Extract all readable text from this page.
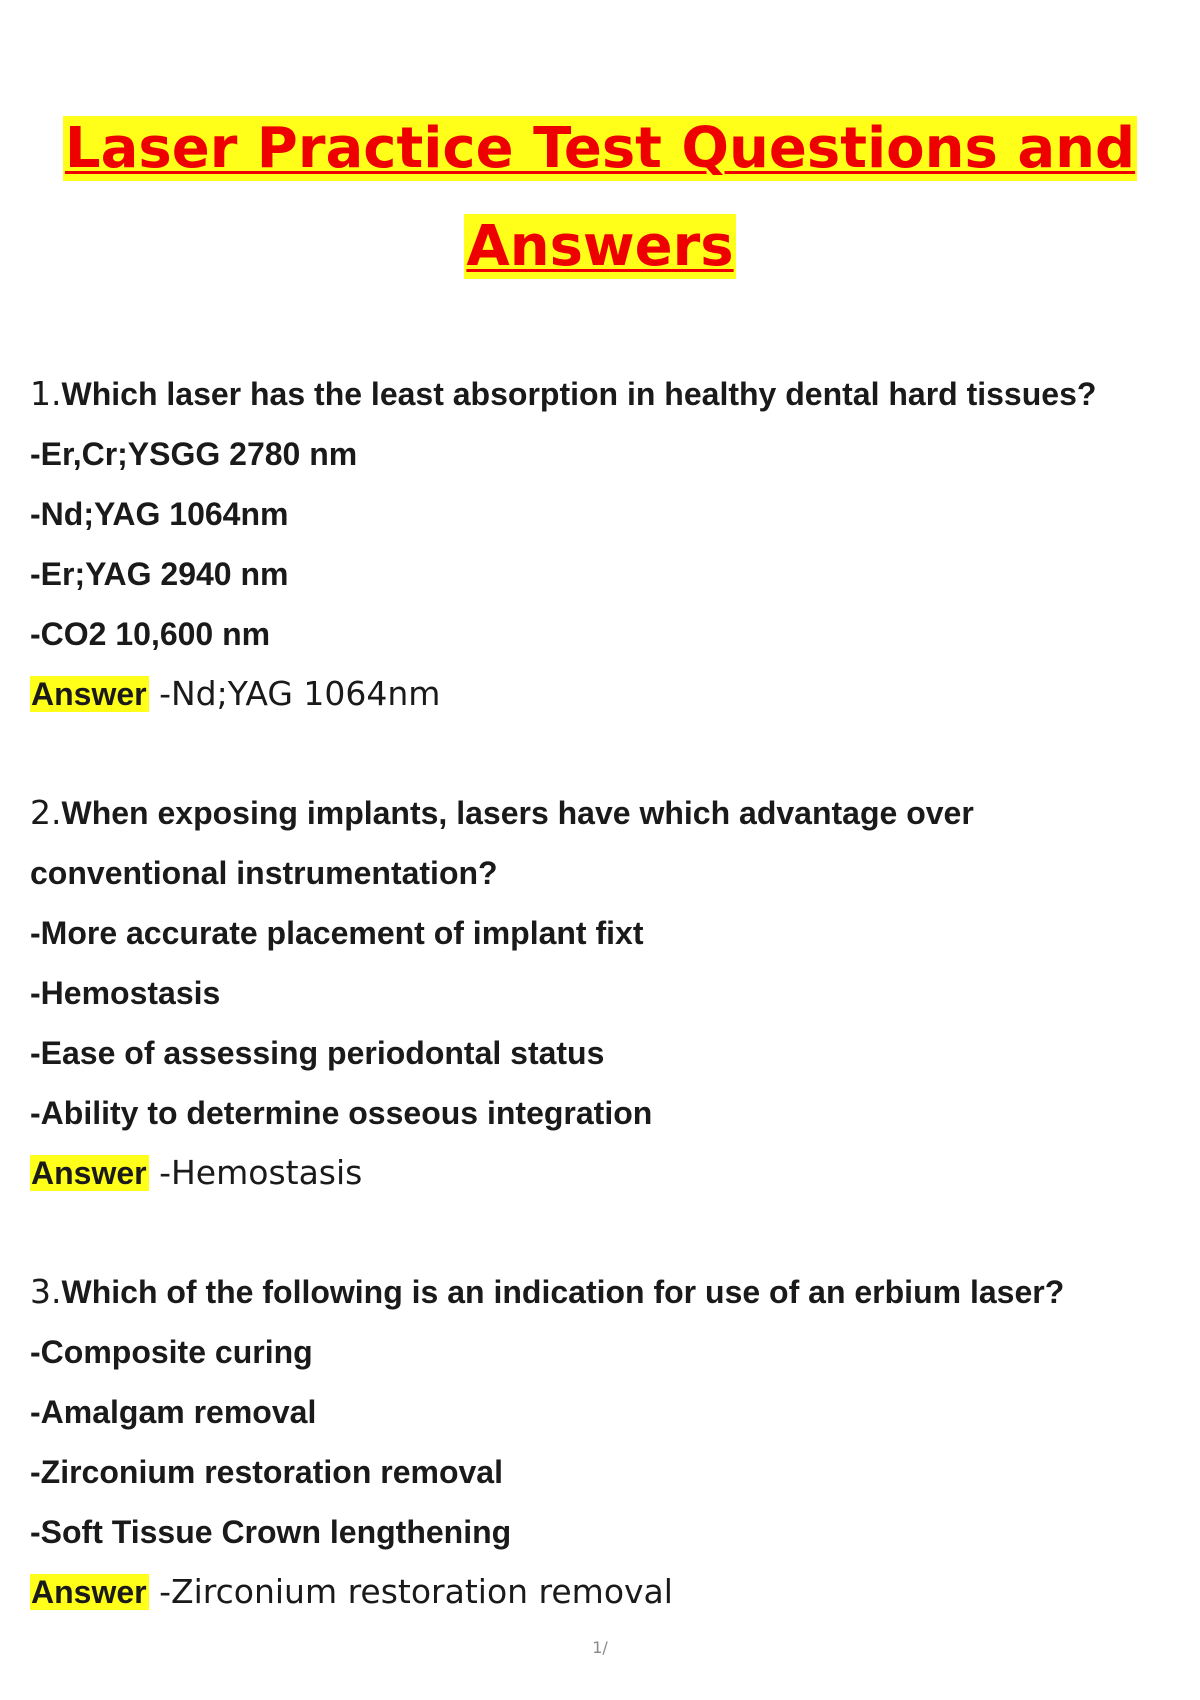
Laser Practice Test Questions and
Answers
1.Which laser has the least absorption in healthy dental hard tissues?
-Er,Cr;YSGG 2780 nm
-Nd;YAG 1064nm
-Er;YAG 2940 nm
-CO2 10,600 nm
Answer -Nd;YAG 1064nm
2.When exposing implants, lasers have which advantage over
conventional instrumentation?
-More accurate placement of implant fixt
-Hemostasis
-Ease of assessing periodontal status
-Ability to determine osseous integration
Answer -Hemostasis
3.Which of the following is an indication for use of an erbium laser?
-Composite curing
-Amalgam removal
-Zirconium restoration removal
-Soft Tissue Crown lengthening
Answer -Zirconium restoration removal
1/
